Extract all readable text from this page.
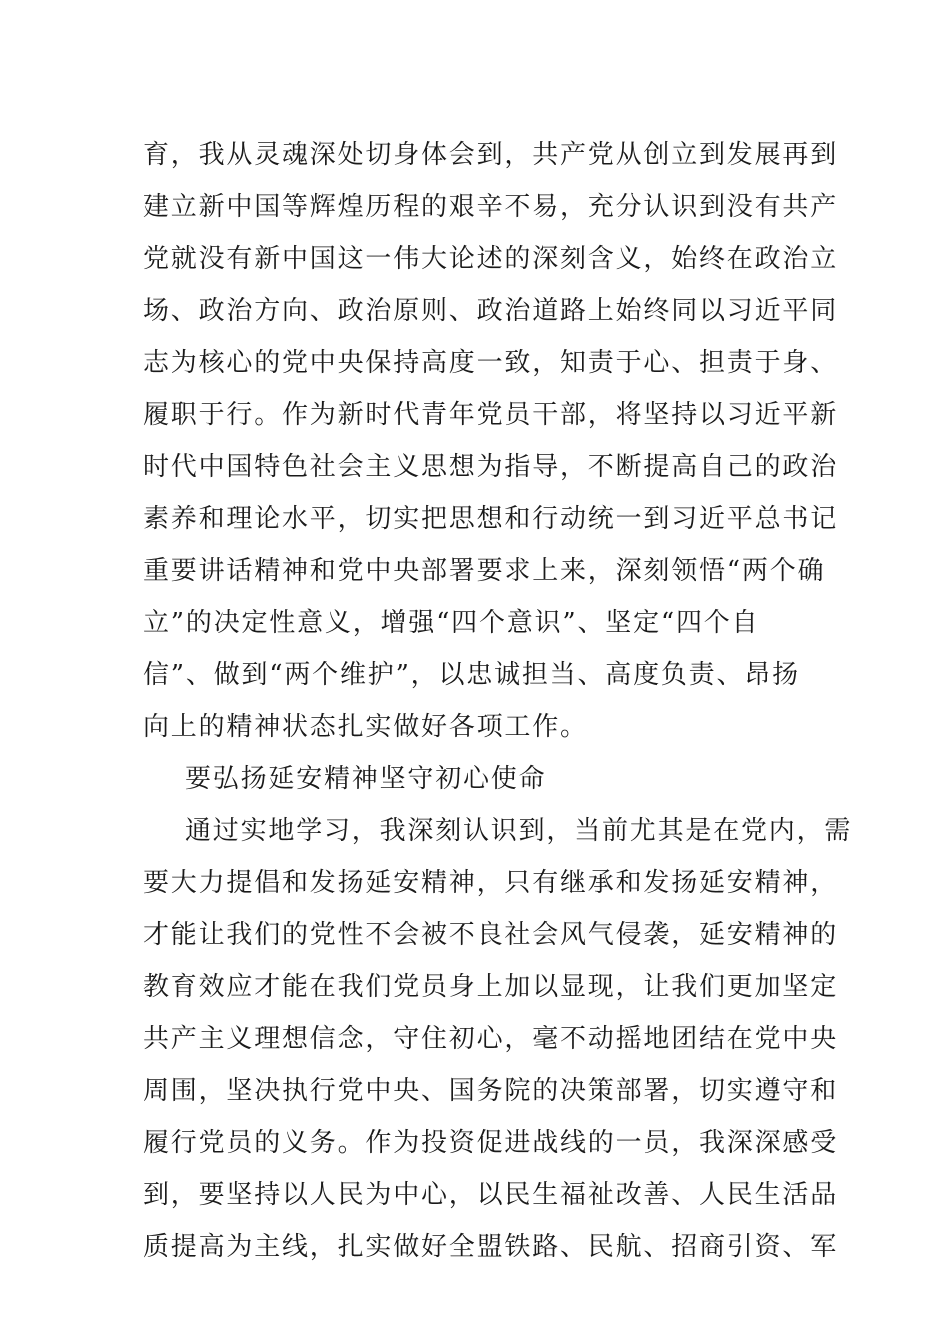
育，我从灵魂深处切身体会到，共产党从创立到发展再到
建立新中国等辉煌历程的艰辛不易，充分认识到没有共产
党就没有新中国这一伟大论述的深刻含义，始终在政治立
场、政治方向、政治原则、政治道路上始终同以习近平同
志为核心的党中央保持高度一致，知责于心、担责于身、
履职于行。作为新时代青年党员干部，将坚持以习近平新
时代中国特色社会主义思想为指导，不断提高自己的政治
素养和理论水平，切实把思想和行动统一到习近平总书记
重要讲话精神和党中央部署要求上来，深刻领悟“两个确
立”的决定性意义，增强“四个意识”、坚定“四个自
信”、做到“两个维护”，以忠诚担当、高度负责、昂扬
向上的精神状态扎实做好各项工作。
要弘扬延安精神坚守初心使命
通过实地学习，我深刻认识到，当前尤其是在党内，需
要大力提倡和发扬延安精神，只有继承和发扬延安精神，
才能让我们的党性不会被不良社会风气侵袭，延安精神的
教育效应才能在我们党员身上加以显现，让我们更加坚定
共产主义理想信念，守住初心，毫不动摇地团结在党中央
周围，坚决执行党中央、国务院的决策部署，切实遵守和
履行党员的义务。作为投资促进战线的一员，我深深感受
到，要坚持以人民为中心，以民生福祉改善、人民生活品
质提高为主线，扎实做好全盟铁路、民航、招商引资、军
